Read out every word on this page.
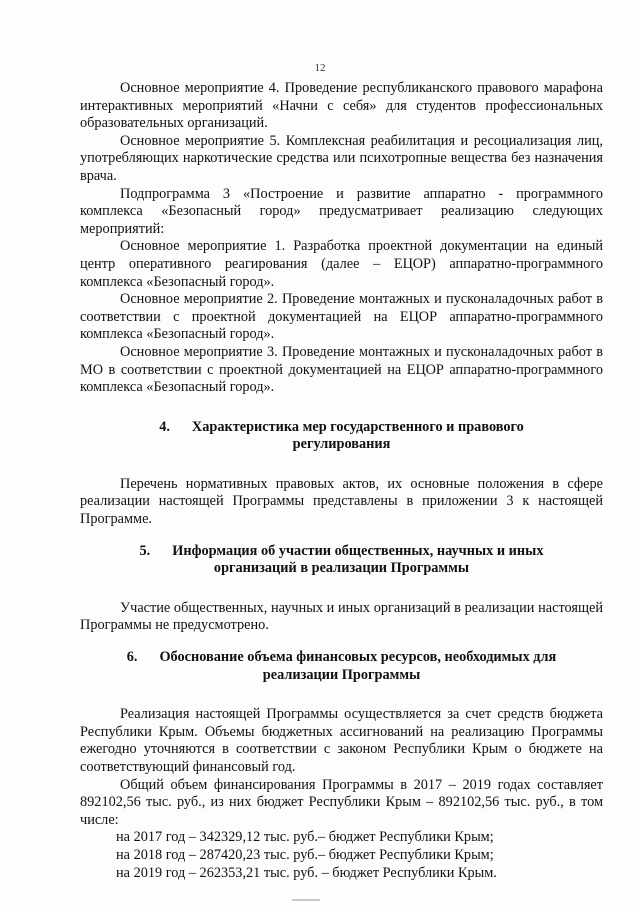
12

Основное мероприятие 4. Проведение республиканского правового марафона интерактивных мероприятий «Начни с себя» для студентов профессиональных образовательных организаций.

Основное мероприятие 5. Комплексная реабилитация и ресоциализация лиц, употребляющих наркотические средства или психотропные вещества без назначения врача.

Подпрограмма 3 «Построение и развитие аппаратно - программного комплекса «Безопасный город» предусматривает реализацию следующих мероприятий:

Основное мероприятие 1. Разработка проектной документации на единый центр оперативного реагирования (далее – ЕЦОР) аппаратно-программного комплекса «Безопасный город».

Основное мероприятие 2. Проведение монтажных и пусконаладочных работ в соответствии с проектной документацией на ЕЦОР аппаратно-программного комплекса «Безопасный город».

Основное мероприятие 3. Проведение монтажных и пусконаладочных работ в МО в соответствии с проектной документацией на ЕЦОР аппаратно-программного комплекса «Безопасный город».

4. Характеристика мер государственного и правового
регулирования

Перечень нормативных правовых актов, их основные положения в сфере реализации настоящей Программы представлены в приложении 3 к настоящей Программе.

5. Информация об участии общественных, научных и иных
организаций в реализации Программы

Участие общественных, научных и иных организаций в реализации настоящей Программы не предусмотрено.

6. Обоснование объема финансовых ресурсов, необходимых для
реализации Программы

Реализация настоящей Программы осуществляется за счет средств бюджета Республики Крым. Объемы бюджетных ассигнований на реализацию Программы ежегодно уточняются в соответствии с законом Республики Крым о бюджете на соответствующий финансовый год.

Общий объем финансирования Программы в 2017 – 2019 годах составляет 892102,56 тыс. руб., из них бюджет Республики Крым – 892102,56 тыс. руб., в том числе:

на 2017 год – 342329,12 тыс. руб.– бюджет Республики Крым;

на 2018 год – 287420,23 тыс. руб.– бюджет Республики Крым;

на 2019 год – 262353,21 тыс. руб. – бюджет Республики Крым.
